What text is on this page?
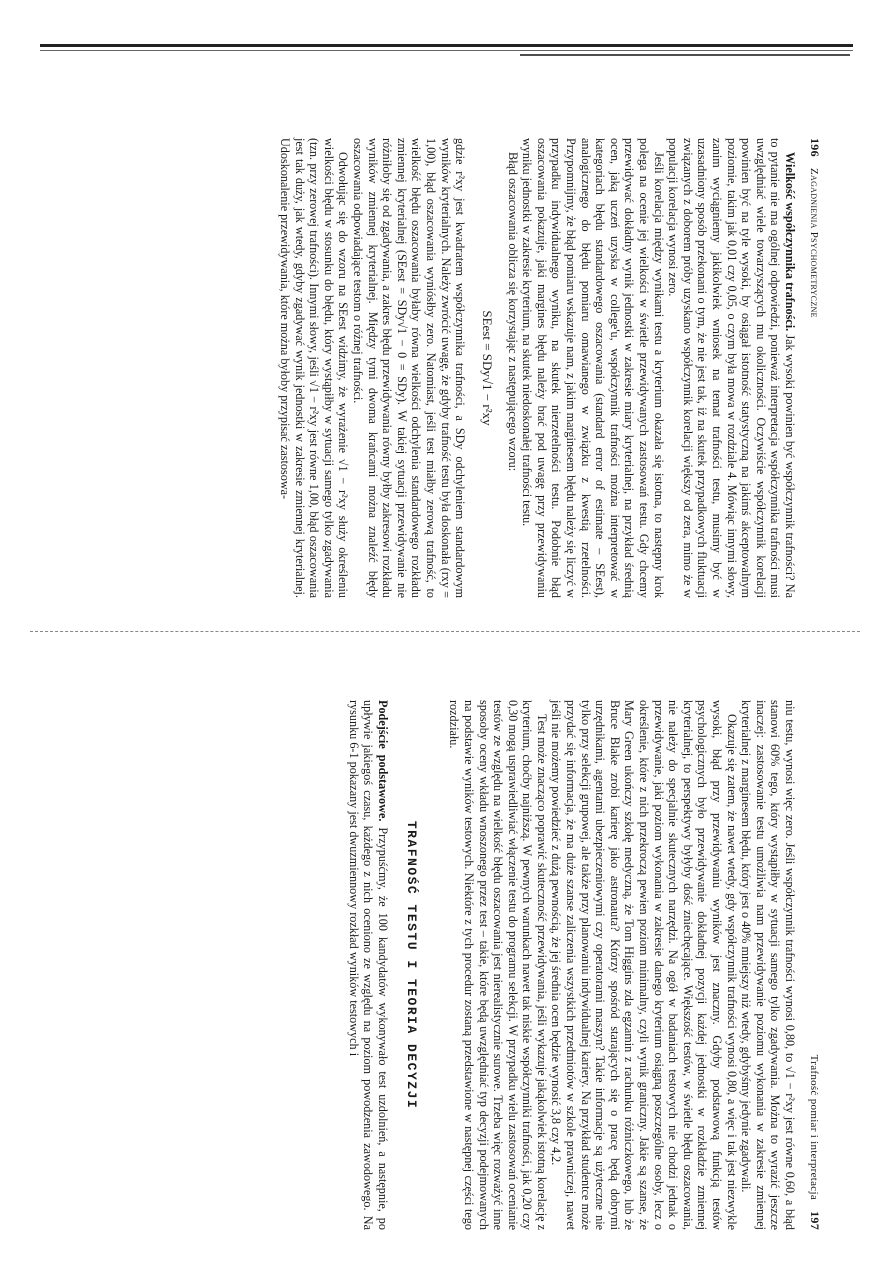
196 Zagadnienia Psychometryczne

Wielkość współczynnika trafności. Jak wysoki powinien być współczynnik trafności? Na to pytanie nie ma ogólnej odpowiedzi, ponieważ interpretacja współczynnika trafności musi uwzględniać wiele towarzyszących mu okoliczności. Oczywiście współczynnik korelacji powinien być na tyle wysoki, by osiągał istotność statystyczną na jakimś akceptowalnym poziomie, takim jak 0,01 czy 0,05, o czym była mowa w rozdziale 4. Mówiąc innymi słowy, zanim wyciągniemy jakikolwiek wniosek na temat trafności testu, musimy być w uzasadniony sposób przekonani o tym, że nie jest tak, iż na skutek przypadkowych fluktuacji związanych z doborem próby uzyskano współczynnik korelacji większy od zera, mimo że w populacji korelacja wynosi zero.

Jeśli korelacja między wynikami testu a kryterium okazała się istotna, to następny krok polega na ocenie jej wielkości w świetle przewidywanych zastosowań testu. Gdy chcemy przewidywać dokładny wynik jednostki w zakresie miary kryterialnej, na przykład średnią ocen, jaką uczeń uzyska w college'u, współczynnik trafności można interpretować w kategoriach błędu standardowego oszacowania (standard error of estimate – SEest), analogicznego do błędu pomiaru omawianego w związku z kwestią rzetelności. Przypomnijmy, że błąd pomiaru wskazuje nam, z jakim marginesem błędu należy się liczyć w przypadku indywidualnego wyniku, na skutek nierzetelności testu. Podobnie błąd oszacowania pokazuje, jaki margines błędu należy brać pod uwagę przy przewidywaniu wyniku jednostki w zakresie kryterium, na skutek niedoskonałej trafności testu.

Błąd oszacowania oblicza się korzystając z następującego wzoru:

SEest = SDy√1 − r²xy

gdzie r²xy jest kwadratem współczynnika trafności, a SDy odchyleniem standardowym wyników kryterialnych. Należy zwrócić uwagę, że gdyby trafność testu była doskonała (rxy = 1,00), błąd oszacowania wyniósłby zero. Natomiast, jeśli test miałby zerową trafność, to wielkość błędu oszacowania byłaby równa wielkości odchylenia standardowego rozkładu zmiennej kryterialnej (SEest = SDy√1 − 0 = SDy). W takiej sytuacji przewidywanie nie różniłoby się od zgadywania, a zakres błędu przewidywania równy byłby zakresowi rozkładu wyników zmiennej kryterialnej. Między tymi dwoma krańcami można znaleźć błędy oszacowania odpowiadające testom o różnej trafności.

Odwołując się do wzoru na SEest widzimy, że wyrażenie √1 − r²xy służy określeniu wielkości błędu w stosunku do błędu, który wystąpiłby w sytuacji samego tylko zgadywania (tzn. przy zerowej trafności). Innymi słowy, jeśli √1 − r²xy jest równe 1,00, błąd oszacowania jest tak duży, jak wtedy, gdyby zgadywać wynik jednostki w zakresie zmiennej kryterialnej. Udoskonalenie przewidywania, które można byłoby przypisać zastosowa-

Trafność pomiar i interpretacja 197

niu testu, wynosi więc zero. Jeśli współczynnik trafności wynosi 0,80, to √1 − r²xy jest równe 0,60, a błąd stanowi 60% tego, który wystąpiłby w sytuacji samego tylko zgadywania. Można to wyrazić jeszcze inaczej: zastosowanie testu umożliwia nam przewidywanie poziomu wykonania w zakresie zmiennej kryterialnej z marginesem błędu, który jest o 40% mniejszy niż wtedy, gdybyśmy jedynie zgadywali.

Okazuje się zatem, że nawet wtedy, gdy współczynnik trafności wynosi 0,80, a więc i tak jest niezwykle wysoki, błąd przy przewidywaniu wyników jest znaczny. Gdyby podstawową funkcją testów psychologicznych było przewidywanie dokładnej pozycji każdej jednostki w rozkładzie zmiennej kryterialnej, to perspektywy byłyby dość zniechęcające. Większość testów, w świetle błędu oszacowania, nie należy do specjalnie skutecznych narzędzi. Na ogół w badaniach testowych nie chodzi jednak o przewidywanie, jaki poziom wykonania w zakresie danego kryterium osiągną poszczególne osoby, lecz o określenie, które z nich przekroczą pewien poziom minimalny, czyli wynik graniczny. Jakie są szanse, że Mary Green ukończy szkołę medyczną, że Tom Higgins zda egzamin z rachunku różniczkowego, lub że Bruce Blake zrobi karierę jako astronauta? Którzy spośród starających się o pracę będą dobrymi urzędnikami, agentami ubezpieczeniowymi czy operatorami maszyn? Takie informacje są użyteczne nie tylko przy selekcji grupowej, ale także przy planowaniu indywidualnej kariery. Na przykład studentce może przydać się informacja, że ma duże szanse zaliczenia wszystkich przedmiotów w szkole prawniczej, nawet jeśli nie możemy powiedzieć z dużą pewnością, że jej średnia ocen będzie wynosić 3,8 czy 4,2.

Test może znacząco poprawić skuteczność przewidywania, jeśli wykazuje jakąkolwiek istotną korelację z kryterium, choćby najniższą. W pewnych warunkach nawet tak niskie współczynniki trafności, jak 0,20 czy 0,30 mogą usprawiedliwiać włączenie testu do programu selekcji. W przypadku wielu zastosowań ocenianie testów ze względu na wielkość błędu oszacowania jest nierealistycznie surowe. Trzeba więc rozważyć inne sposoby oceny wkładu wnoszonego przez test – takie, które będą uwzględniać typ decyzji podejmowanych na podstawie wyników testowych. Niektóre z tych procedur zostaną przedstawione w następnej części tego rozdziału.

TRAFNOŚĆ TESTU I TEORIA DECYZJI

Podejście podstawowe. Przypuśćmy, że 100 kandydatów wykonywało test uzdolnień, a następnie, po upływie jakiegoś czasu, każdego z nich oceniono ze względu na poziom powodzenia zawodowego. Na rysunku 6-1 pokazany jest dwuzmiennowy rozkład wyników testowych i
